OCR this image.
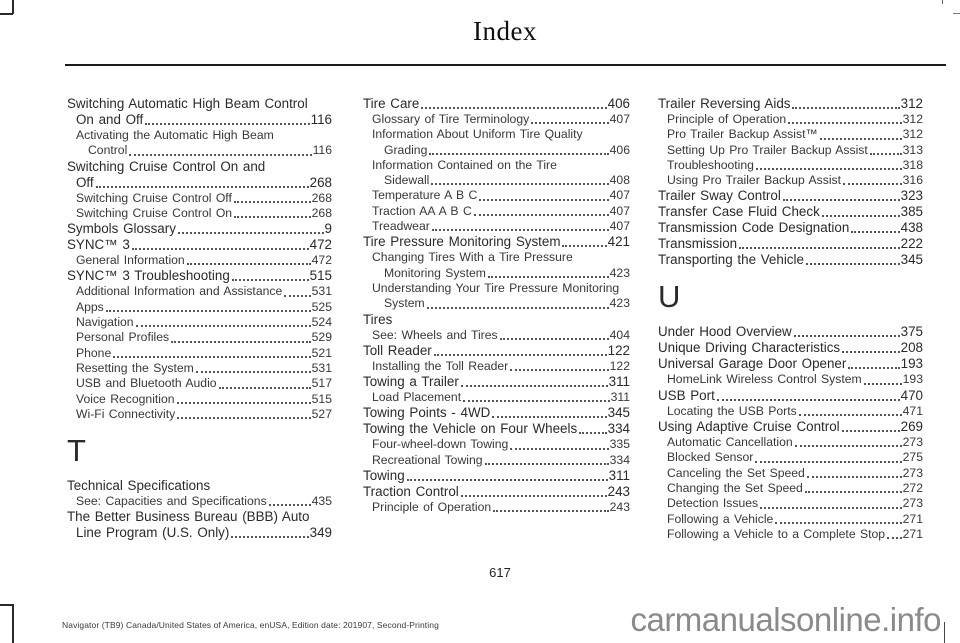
Index
Switching Automatic High Beam Control
On and Off	116
Activating the Automatic High Beam
Control	116
Switching Cruise Control On and
Off	268
Switching Cruise Control Off	268
Switching Cruise Control On	268
Symbols Glossary	9
SYNC™ 3	472
General Information	472
SYNC™ 3 Troubleshooting	515
Additional Information and Assistance 531
Apps	525
Navigation	524
Personal Profiles	529
Phone	521
Resetting the System	531
USB and Bluetooth Audio	517
Voice Recognition	515
Wi-Fi Connectivity	527
T
Technical Specifications
See: Capacities and Specifications	435
The Better Business Bureau (BBB) Auto
Line Program (U.S. Only)	349
Tire Care	406
Glossary of Tire Terminology	407
Information About Uniform Tire Quality
Grading	406
Information Contained on the Tire
Sidewall	408
Temperature A B C	407
Traction AA A B C	407
Treadwear	407
Tire Pressure Monitoring System	421
Changing Tires With a Tire Pressure
Monitoring System	423
Understanding Your Tire Pressure Monitoring
System	423
Tires
See: Wheels and Tires	404
Toll Reader	122
Installing the Toll Reader	122
Towing a Trailer	311
Load Placement	311
Towing Points - 4WD	345
Towing the Vehicle on Four Wheels 334
Four-wheel-down Towing	335
Recreational Towing	334
Towing	311
Traction Control	243
Principle of Operation	243
Trailer Reversing Aids	312
Principle of Operation	312
Pro Trailer Backup Assist™	312
Setting Up Pro Trailer Backup Assist	313
Troubleshooting	318
Using Pro Trailer Backup Assist	316
Trailer Sway Control	323
Transfer Case Fluid Check	385
Transmission Code Designation	438
Transmission	222
Transporting the Vehicle	345
U
Under Hood Overview	375
Unique Driving Characteristics	208
Universal Garage Door Opener	193
HomeLink Wireless Control System	193
USB Port	470
Locating the USB Ports	471
Using Adaptive Cruise Control	269
Automatic Cancellation	273
Blocked Sensor	275
Canceling the Set Speed	273
Changing the Set Speed	272
Detection Issues	273
Following a Vehicle	271
Following a Vehicle to a Complete Stop 271
617
Navigator (TB9) Canada/United States of America, enUSA, Edition date: 201907, Second-Printing	carmanualsonline.info
